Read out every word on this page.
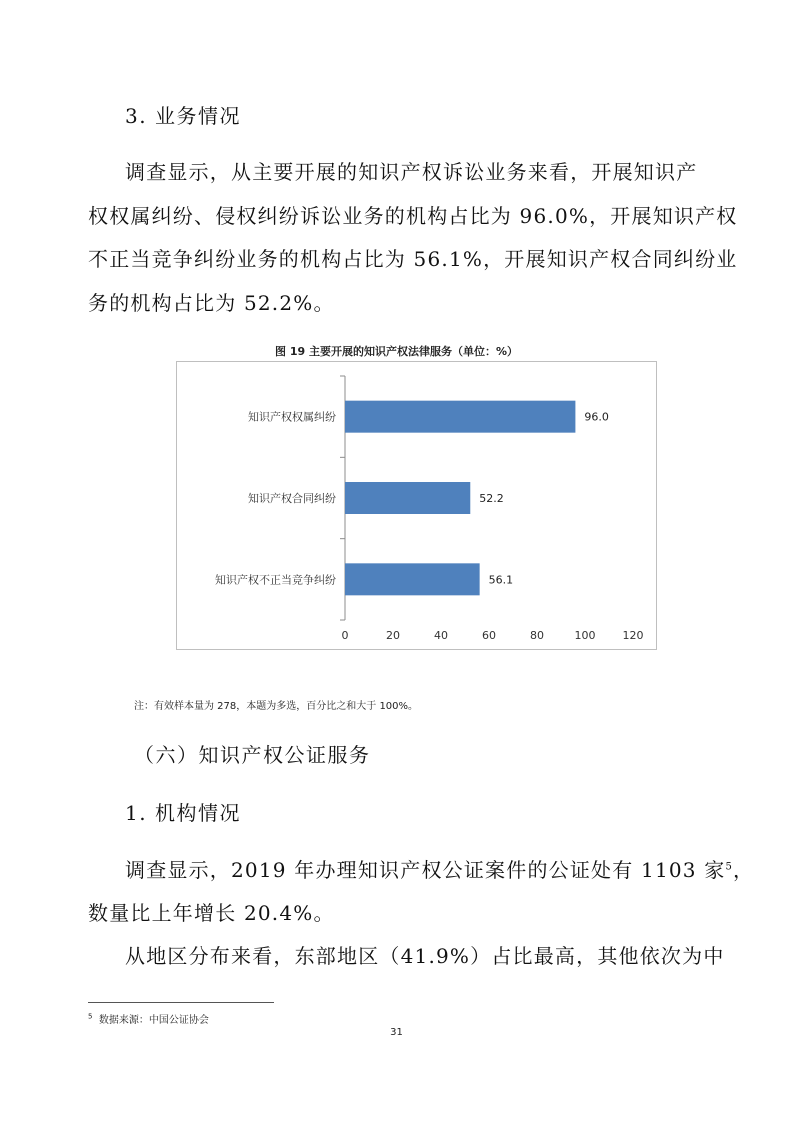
3. 业务情况
调查显示，从主要开展的知识产权诉讼业务来看，开展知识产
权权属纠纷、侵权纠纷诉讼业务的机构占比为 96.0%，开展知识产权
不正当竞争纠纷业务的机构占比为 56.1%，开展知识产权合同纠纷业
务的机构占比为 52.2%。
图 19 主要开展的知识产权法律服务（单位：%）
96.0
知识产权权属纠纷
52.2
知识产权合同纠纷
56.1
知识产权不正当竞争纠纷
0	20	40	60	80	100 120
注：有效样本量为 278，本题为多选，百分比之和大于 100%。
（六）知识产权公证服务
1. 机构情况
调查显示，2019 年办理知识产权公证案件的公证处有 1103 家$^5$，
数量比上年增长 20.4%。
从地区分布来看，东部地区（41.9%）占比最高，其他依次为中
$^5$ 数据来源：中国公证协会
31
